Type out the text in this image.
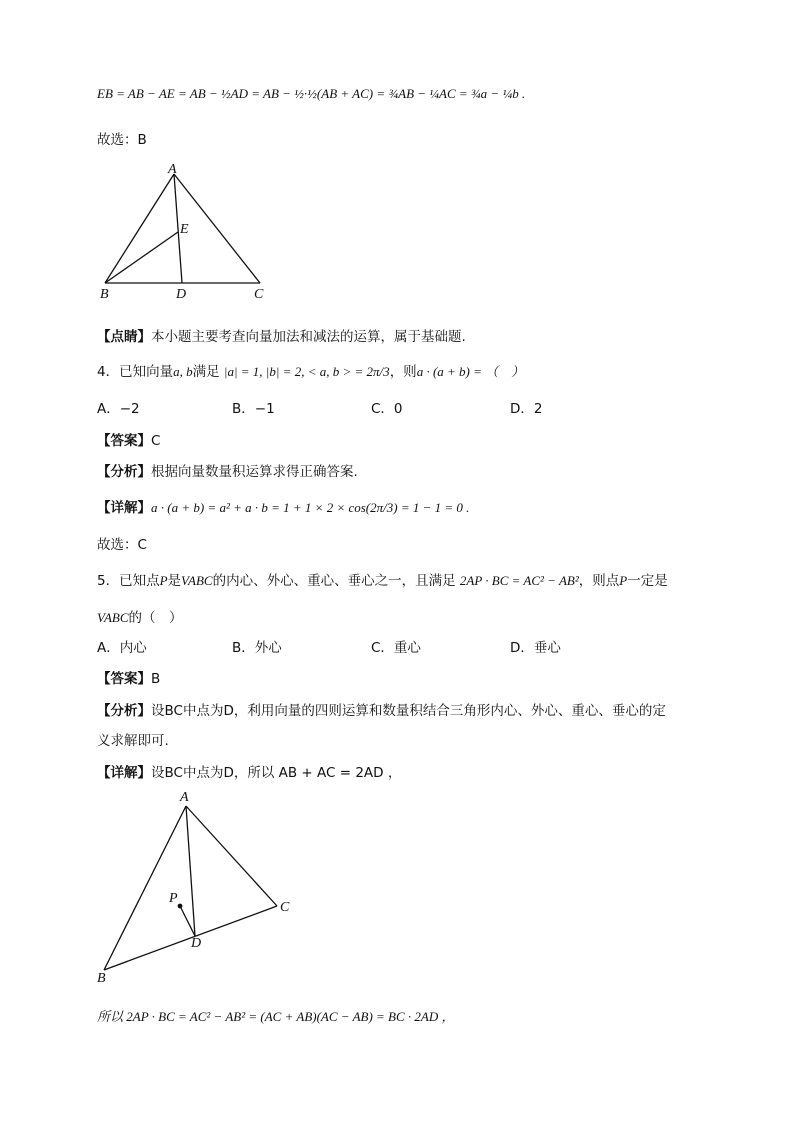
EB = AB − AE = AB − ½AD = AB − ½·½(AB + AC) = ¾AB − ¼AC = ¾a − ¼b .
故选：B
A
E
B	D	C
【点睛】本小题主要考查向量加法和减法的运算，属于基础题.
4．已知向量a, b满足 |a| = 1, |b| = 2, < a, b > = 2π/3，则a · (a + b) = （　）
A．−2	B．−1	C．0	D．2
【答案】C
【分析】根据向量数量积运算求得正确答案.
【详解】a · (a + b) = a² + a · b = 1 + 1 × 2 × cos(2π/3) = 1 − 1 = 0 .
故选：C
5．已知点P是VABC的内心、外心、重心、垂心之一，且满足 2AP · BC = AC² − AB²，则点P一定是
VABC的（　）
A．内心	B．外心	C．重心	D．垂心
【答案】B
【分析】设BC中点为D，利用向量的四则运算和数量积结合三角形内心、外心、重心、垂心的定
义求解即可.
【详解】设BC中点为D，所以 AB + AC = 2AD ，
A
P
C
D
B
所以 2AP · BC = AC² − AB² = (AC + AB)(AC − AB) = BC · 2AD ，
